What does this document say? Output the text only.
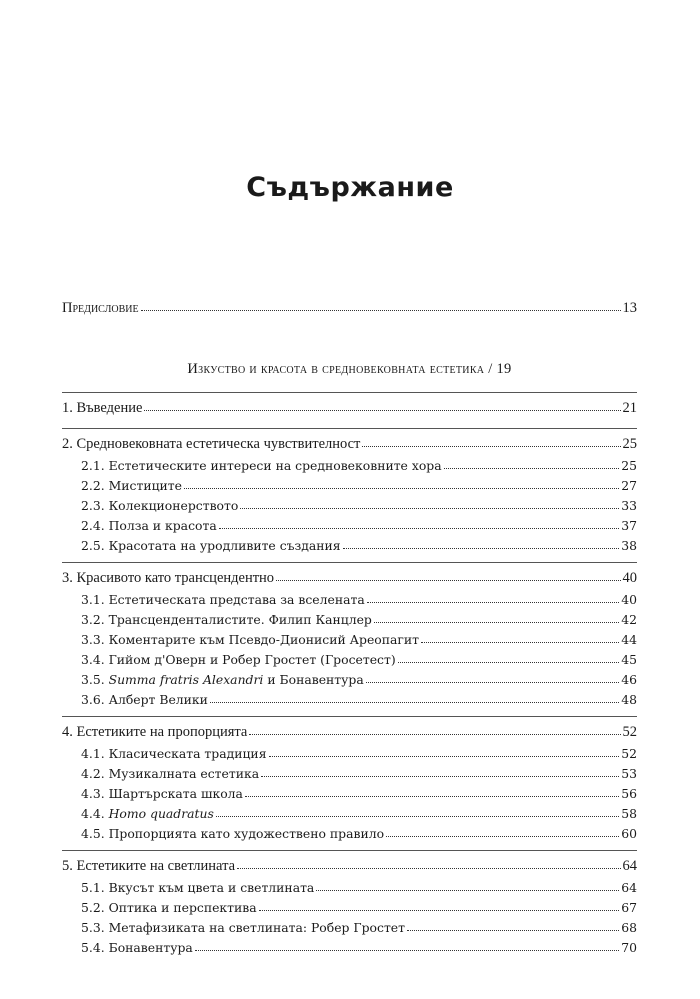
Съдържание
Предисловие	13
Изкуство и красота в средновековната естетика / 19
1. Въведение	21
2. Средновековната естетическа чувствителност	25
2.1. Естетическите интереси на средновековните хора	25
2.2. Мистиците	27
2.3. Колекционерството	33
2.4. Полза и красота	37
2.5. Красотата на уродливите създания	38
3. Красивото като трансцендентно	40
3.1. Естетическата представа за вселената	40
3.2. Трансценденталистите. Филип Канцлер	42
3.3. Коментарите към Псевдо-Дионисий Ареопагит	44
3.4. Гийом д'Оверн и Робер Гростет (Гросетест)	45
3.5. Summa fratris Alexandri и Бонавентура	46
3.6. Алберт Велики	48
4. Естетиките на пропорцията	52
4.1. Класическата традиция	52
4.2. Музикалната естетика	53
4.3. Шартърската школа	56
4.4. Homo quadratus	58
4.5. Пропорцията като художествено правило	60
5. Естетиките на светлината	64
5.1. Вкусът към цвета и светлината	64
5.2. Оптика и перспектива	67
5.3. Метафизиката на светлината: Робер Гростет	68
5.4. Бонавентура	70
